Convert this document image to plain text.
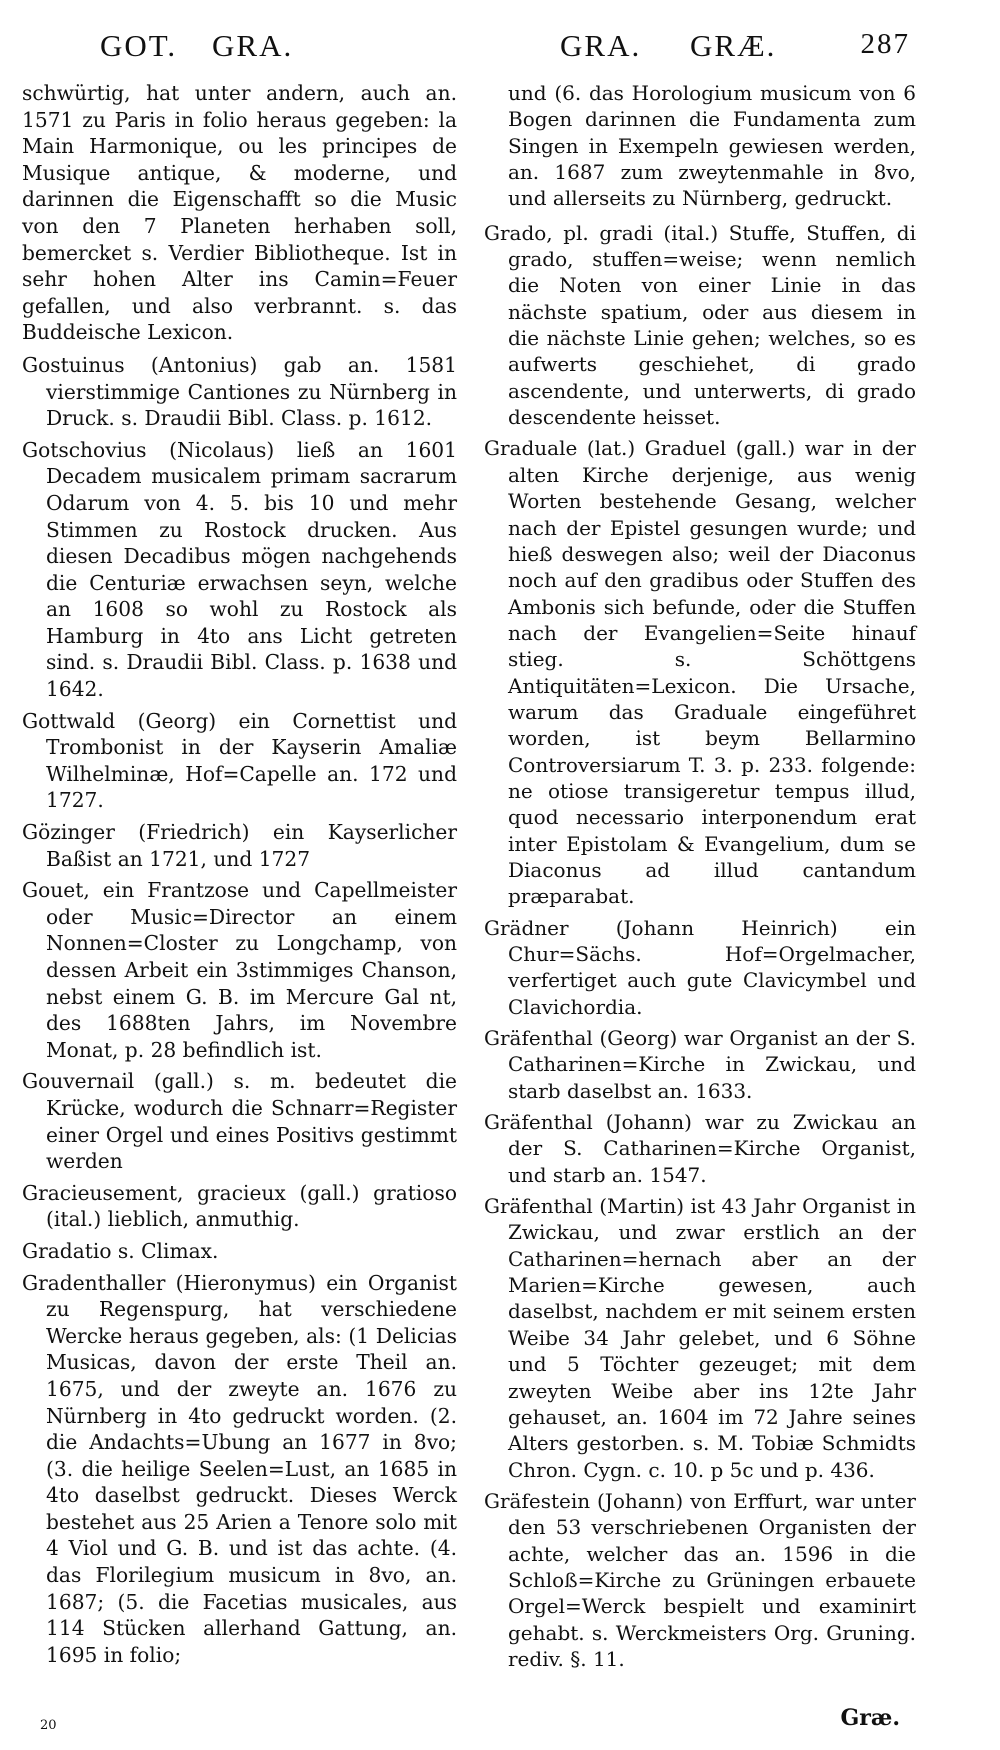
GOT. GRA.	GRA. GRÆ.	287

schwürtig, hat unter andern, auch an. 1571 zu Paris in folio heraus gegeben: la Main Harmonique, ou les principes de Musique antique, & moderne, und darinnen die Eigenschafft so die Music von den 7 Planeten herhaben soll, bemercket s. Verdier Bibliotheque. Ist in sehr hohen Alter ins Camin=Feuer gefallen, und also verbrannt. s. das Buddeische Lexicon.

Gostuinus (Antonius) gab an. 1581 vierstimmige Cantiones zu Nürnberg in Druck. s. Draudii Bibl. Class. p. 1612.

Gotschovius (Nicolaus) ließ an 1601 Decadem musicalem primam sacrarum Odarum von 4. 5. bis 10 und mehr Stimmen zu Rostock drucken. Aus diesen Decadibus mögen nachgehends die Centuriæ erwachsen seyn, welche an 1608 so wohl zu Rostock als Hamburg in 4to ans Licht getreten sind. s. Draudii Bibl. Class. p. 1638 und 1642.

Gottwald (Georg) ein Cornettist und Trombonist in der Kayserin Amaliæ Wilhelminæ, Hof=Capelle an. 172 und 1727.

Gözinger (Friedrich) ein Kayserlicher Baßist an 1721, und 1727

Gouet, ein Frantzose und Capellmeister oder Music=Director an einem Nonnen=Closter zu Longchamp, von dessen Arbeit ein 3stimmiges Chanson, nebst einem G. B. im Mercure Gal nt, des 1688ten Jahrs, im Novembre Monat, p. 28 befindlich ist.

Gouvernail (gall.) s. m. bedeutet die Krücke, wodurch die Schnarr=Register einer Orgel und eines Positivs gestimmt werden

Gracieusement, gracieux (gall.) gratioso (ital.) lieblich, anmuthig.

Gradatio s. Climax.

Gradenthaller (Hieronymus) ein Organist zu Regenspurg, hat verschiedene Wercke heraus gegeben, als: (1 Delicias Musicas, davon der erste Theil an. 1675, und der zweyte an. 1676 zu Nürnberg in 4to gedruckt worden. (2. die Andachts=Ubung an 1677 in 8vo; (3. die heilige Seelen=Lust, an 1685 in 4to daselbst gedruckt. Dieses Werck bestehet aus 25 Arien a Tenore solo mit 4 Viol und G. B. und ist das achte. (4. das Florilegium musicum in 8vo, an. 1687; (5. die Facetias musicales, aus 114 Stücken allerhand Gattung, an. 1695 in folio;

und (6. das Horologium musicum von 6 Bogen darinnen die Fundamenta zum Singen in Exempeln gewiesen werden, an. 1687 zum zweytenmahle in 8vo, und allerseits zu Nürnberg, gedruckt.

Grado, pl. gradi (ital.) Stuffe, Stuffen, di grado, stuffen=weise; wenn nemlich die Noten von einer Linie in das nächste spatium, oder aus diesem in die nächste Linie gehen; welches, so es aufwerts geschiehet, di grado ascendente, und unterwerts, di grado descendente heisset.

Graduale (lat.) Graduel (gall.) war in der alten Kirche derjenige, aus wenig Worten bestehende Gesang, welcher nach der Epistel gesungen wurde; und hieß deswegen also; weil der Diaconus noch auf den gradibus oder Stuffen des Ambonis sich befunde, oder die Stuffen nach der Evangelien=Seite hinauf stieg. s. Schöttgens Antiquitäten=Lexicon. Die Ursache, warum das Graduale eingeführet worden, ist beym Bellarmino Controversiarum T. 3. p. 233. folgende: ne otiose transigeretur tempus illud, quod necessario interponendum erat inter Epistolam & Evangelium, dum se Diaconus ad illud cantandum præparabat.

Grädner (Johann Heinrich) ein Chur=Sächs. Hof=Orgelmacher, verfertiget auch gute Clavicymbel und Clavichordia.

Gräfenthal (Georg) war Organist an der S. Catharinen=Kirche in Zwickau, und starb daselbst an. 1633.

Gräfenthal (Johann) war zu Zwickau an der S. Catharinen=Kirche Organist, und starb an. 1547.

Gräfenthal (Martin) ist 43 Jahr Organist in Zwickau, und zwar erstlich an der Catharinen=hernach aber an der Marien=Kirche gewesen, auch daselbst, nachdem er mit seinem ersten Weibe 34 Jahr gelebet, und 6 Söhne und 5 Töchter gezeuget; mit dem zweyten Weibe aber ins 12te Jahr gehauset, an. 1604 im 72 Jahre seines Alters gestorben. s. M. Tobiæ Schmidts Chron. Cygn. c. 10. p 5c und p. 436.

Gräfestein (Johann) von Erffurt, war unter den 53 verschriebenen Organisten der achte, welcher das an. 1596 in die Schloß=Kirche zu Grüningen erbauete Orgel=Werck bespielt und examinirt gehabt. s. Werckmeisters Org. Gruning. rediv. §. 11.

Græ.
20
